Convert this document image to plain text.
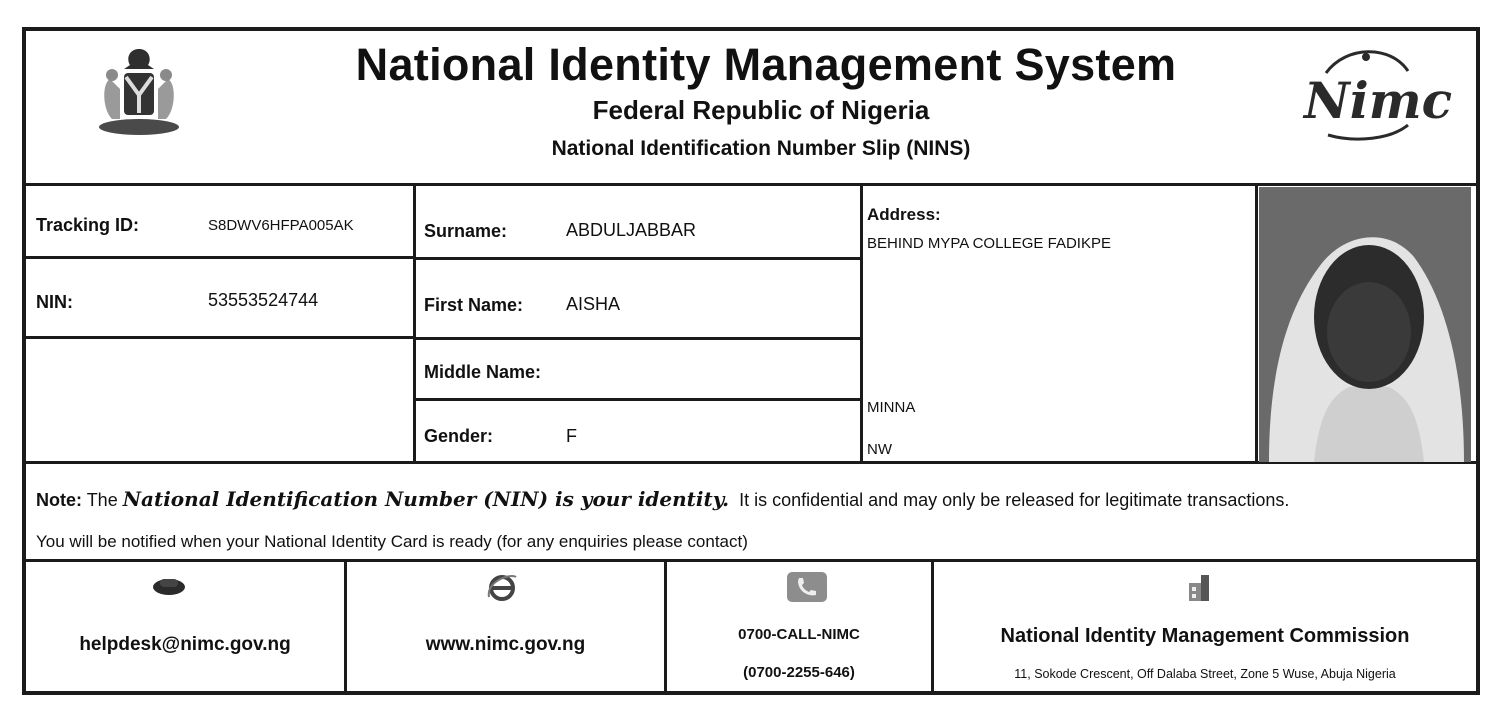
National Identity Management System
Federal Republic of Nigeria
National Identification Number Slip (NINS)
Nimc
Tracking ID:	S8DWV6HFPA005AK
NIN:	53553524744
Surname:	ABDULJABBAR
First Name: AISHA
Middle Name:
Gender:	F
Address:
BEHIND MYPA COLLEGE FADIKPE
MINNA
NW
Note: The National Identification Number (NIN) is your identity. It is confidential and may only be released for legitimate transactions.
You will be notified when your National Identity Card is ready (for any enquiries please contact)
helpdesk@nimc.gov.ng	www.nimc.gov.ng	0700-CALL-NIMC
(0700-2255-646)
National Identity Management Commission
11, Sokode Crescent, Off Dalaba Street, Zone 5 Wuse, Abuja Nigeria
